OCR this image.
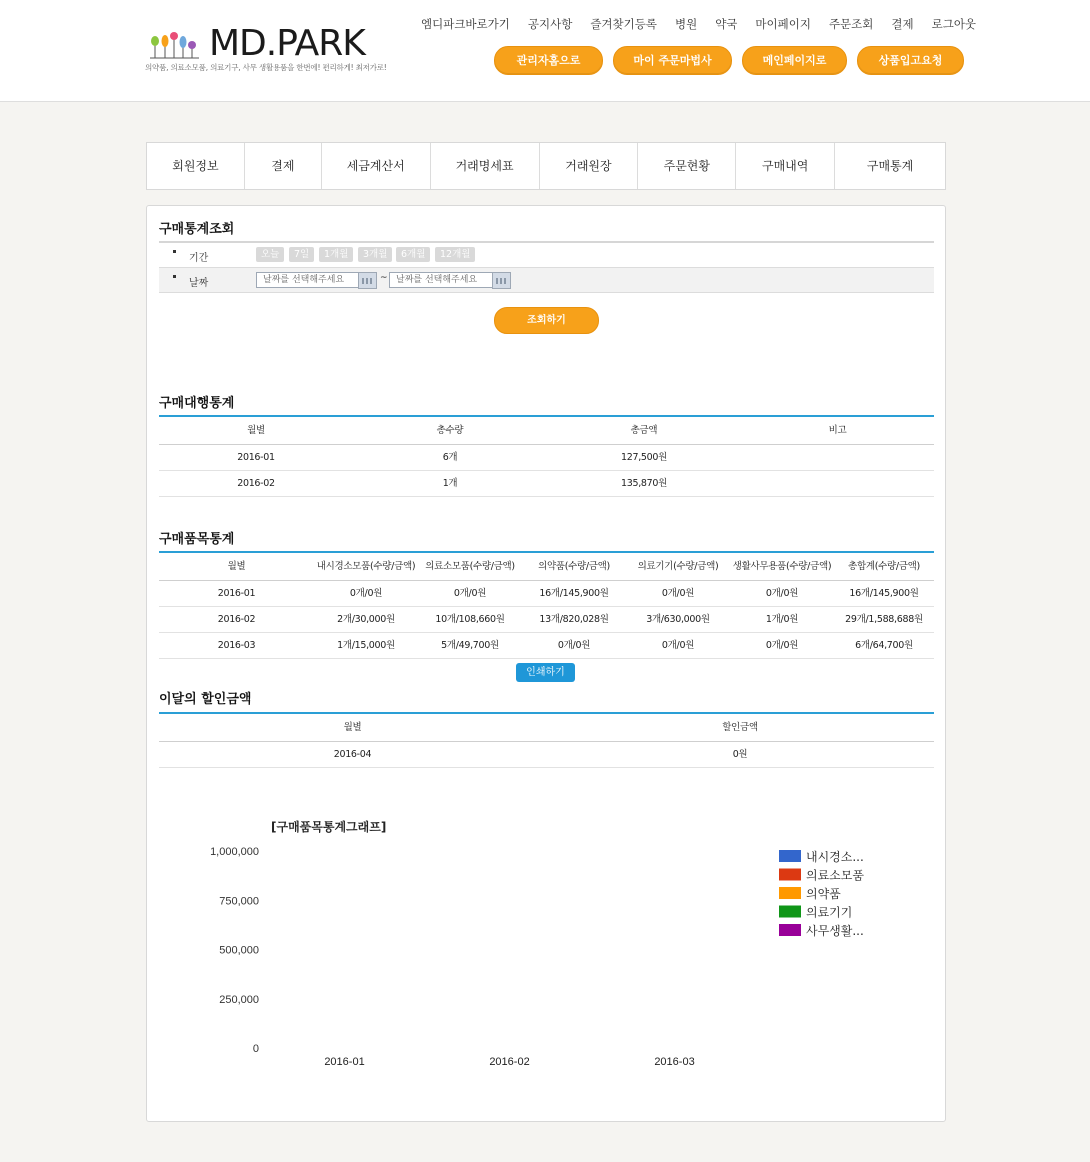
MD.PARK
의약품, 의료소모품, 의료기구, 사무 생활용품을 한번에! 편리하게! 최저가로!
엠디파크바로가기 공지사항 즐겨찾기등록 병원 약국 마이페이지 주문조회 결제 로그아웃
관리자홈으로	마이 주문마법사	메인페이지로	상품입고요청
회원정보	결제	세금계산서	거래명세표	거래원장	주문현황	구매내역	구매통계
구매통계조회
기간	오늘	7일	1개월	3개월	6개월	12개월
날짜	날짜를 선택해주세요	~ 날짜를 선택해주세요
조회하기
구매대행통계
월별	총수량	총금액	비고
2016-01	6개	127,500원
2016-02	1개	135,870원
구매품목통계
월별	내시경소모품(수량/금액)	의료소모품(수량/금액)	의약품(수량/금액)	의료기기(수량/금액)	생활사무용품(수량/금액)	총합계(수량/금액)
2016-01	0개/0원	0개/0원	16개/145,900원	0개/0원	0개/0원	16개/145,900원
2016-02	2개/30,000원	10개/108,660원	13개/820,028원	3개/630,000원	1개/0원	29개/1,588,688원
2016-03	1개/15,000원	5개/49,700원	0개/0원	0개/0원	0개/0원	6개/64,700원
인쇄하기
이달의 할인금액
월별	할인금액
2016-04	0원
[구매품목통계그래프]
1,000,000
750,000
500,000
250,000
0
2016-01	2016-02	2016-03
내시경소...
의료소모품
의약품
의료기기
사무생활...
